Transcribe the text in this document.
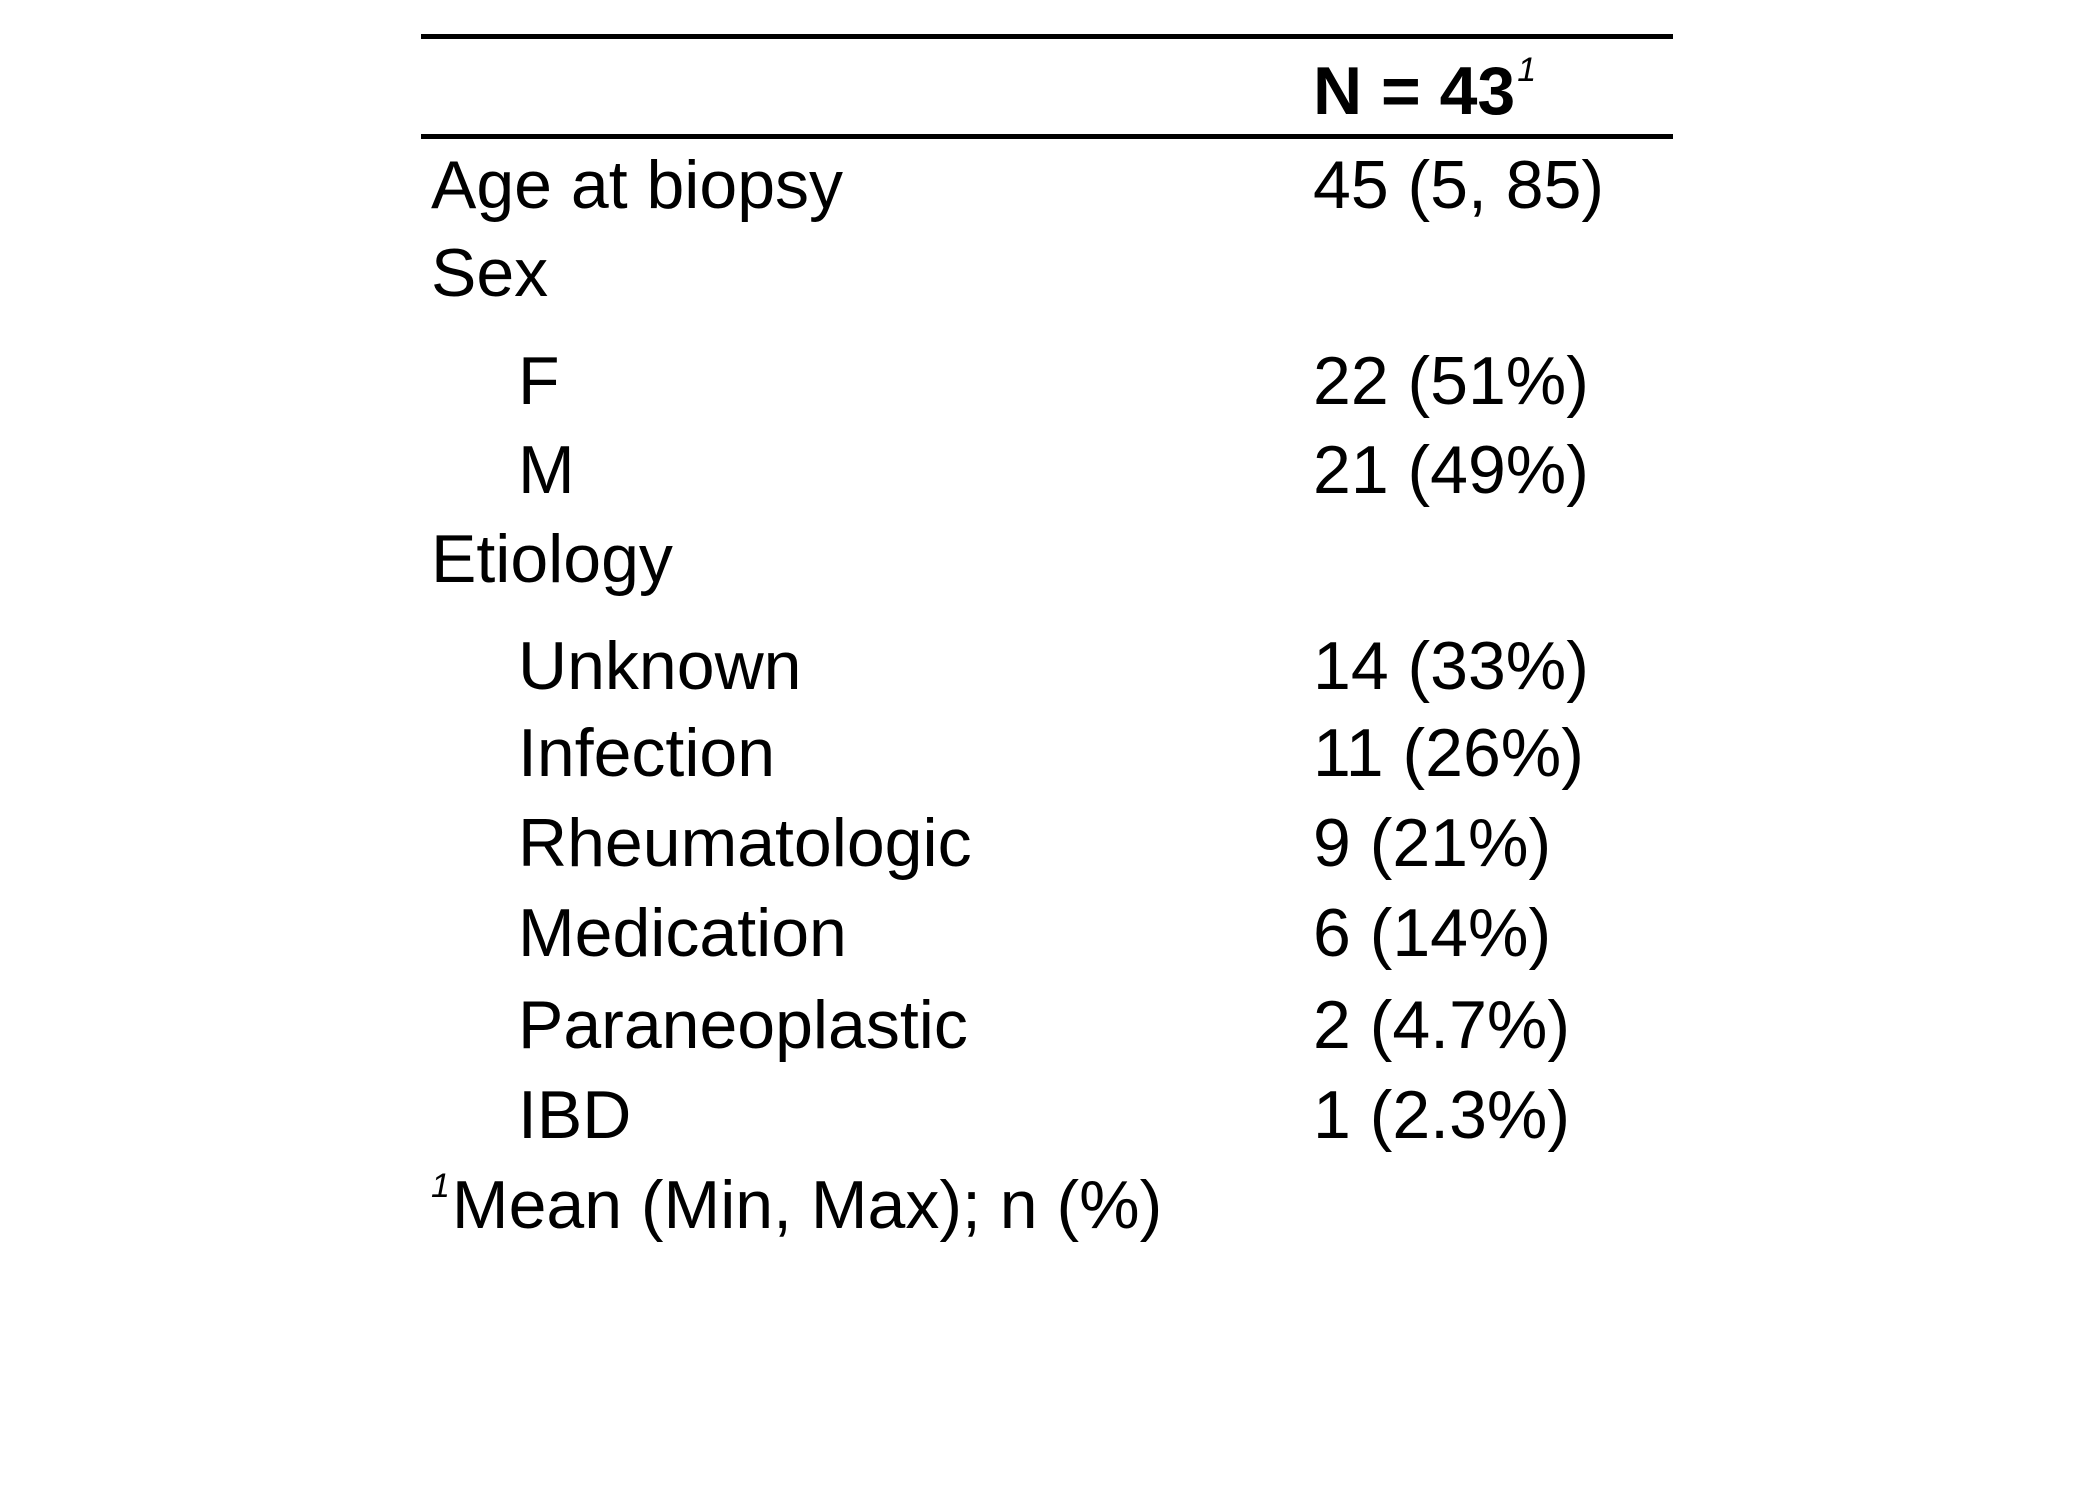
$N = 43^1$
Age at biopsy	45 (5, 85)
Sex
F	22 (51%)
M	21 (49%)
Etiology
Unknown	14 (33%)
Infection	11 (26%)
Rheumatologic	9 (21%)
Medication	6 (14%)
Paraneoplastic	2 (4.7%)
IBD	1 (2.3%)
$^1$Mean (Min, Max); n (%)
